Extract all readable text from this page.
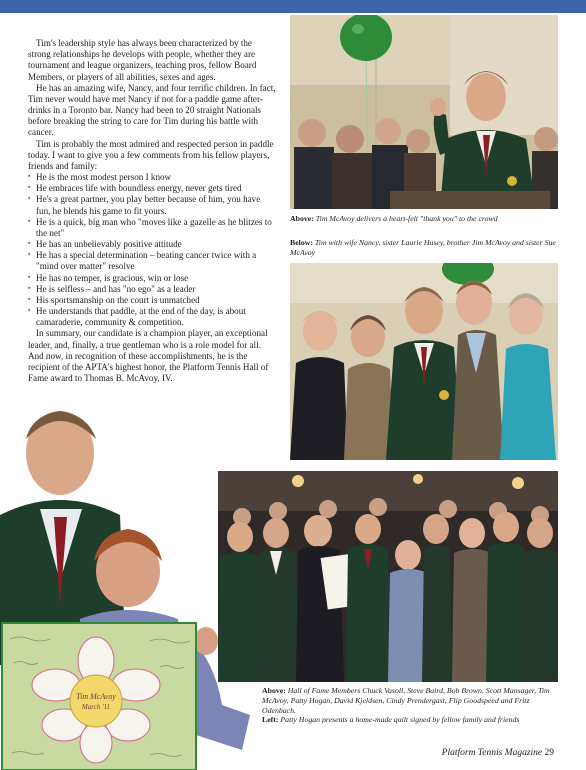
Tim's leadership style has always been characterized by the strong relationships he develops with people, whether they are tournament and league organizers, teaching pros, fellow Board Members, or players of all abilities, sexes and ages.

He has an amazing wife, Nancy, and four terrific children. In fact, Tim never would have met Nancy if not for a paddle game after-drinks in a Toronto bar. Nancy had been to 20 straight Nationals before breaking the string to care for Tim during his battle with cancer.

Tim is probably the most admired and respected person in paddle today. I want to give you a few comments from his fellow players, friends and family:

▪ He is the most modest person I know
▪ He embraces life with boundless energy, never gets tired
▪ He's a great partner, you play better because of him, you have fun, he blends his game to fit yours.
▪ He is a quick, big man who "moves like a gazelle as he blitzes to the net"
▪ He has an unbelievably positive attitude
▪ He has a special determination – beating cancer twice with a "mind over matter" resolve
▪ He has no temper, is gracious, win or lose
▪ He is selfless – and has "no ego" as a leader
▪ His sportsmanship on the court is unmatched
▪ He understands that paddle, at the end of the day, is about camaraderie, community & competition.

In summary, our candidate is a champion player, an exceptional leader, and, finally, a true gentleman who is a role model for all. And now, in recognition of these accomplishments, he is the recipient of the APTA's highest honor, the Platform Tennis Hall of Fame award to Thomas B. McAvoy, IV.

Above: Tim McAvoy delivers a heart-felt "thank you" to the crowd
Below: Tim with wife Nancy, sister Laurie Husey, brother Jim McAvoy and sister Sue McAvoy
Above: Hall of Fame Members Chuck Vasoll, Steve Baird, Bob Brown, Scott Mansager, Tim McAvoy, Patty Hogan, David Kjeldsen, Cindy Prendergast, Flip Goodspeed and Fritz Odenbach.
Left: Patty Hogan presents a home-made quilt signed by fellow family and friends
Tim McAvoy
March '11
Platform Tennis Magazine 29
